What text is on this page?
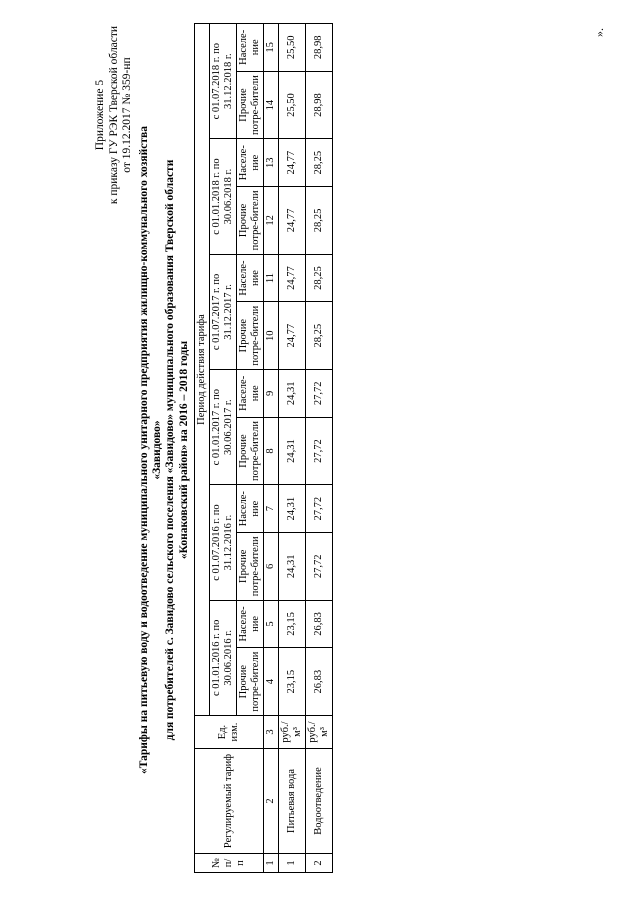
Приложение 5 к приказу ГУ РЭК Тверской области от 19.12.2017 № 359-нп
«Тарифы на питьевую воду и водоотведение муниципального унитарного предприятия жилищно-коммунального хозяйства «Завидово» для потребителей с. Завидово сельского поселения «Завидово» муниципального образования Тверской области «Конаковский район» на 2016 – 2018 годы
№ п/п	Регулируемый тариф	Ед. изм.	Период действия тарифа											
			с 01.01.2016 г. по 30.06.2016 г.		с 01.07.2016 г. по 31.12.2016 г.		с 01.01.2017 г. по 30.06.2017 г.		с 01.07.2017 г. по 31.12.2017 г.		с 01.01.2018 г. по 30.06.2018 г.		с 01.07.2018 г. по 31.12.2018 г.	
			Прочие потре-бители	Населе-ние	Прочие потре-бители	Населе-ние	Прочие потре-бители	Населе-ние	Прочие потре-бители	Населе-ние	Прочие потре-бители	Населе-ние	Прочие потре-бители	Населе-ние
1	2	3	4	5	6	7	8	9	10	11	12	13	14	15
1	Питьевая вода	руб./м³	23,15	23,15	24,31	24,31	24,31	24,31	24,77	24,77	24,77	24,77	25,50	25,50
2	Водоотведение	руб./м³	26,83	26,83	27,72	27,72	27,72	27,72	28,25	28,25	28,25	28,25	28,98	28,98
».
